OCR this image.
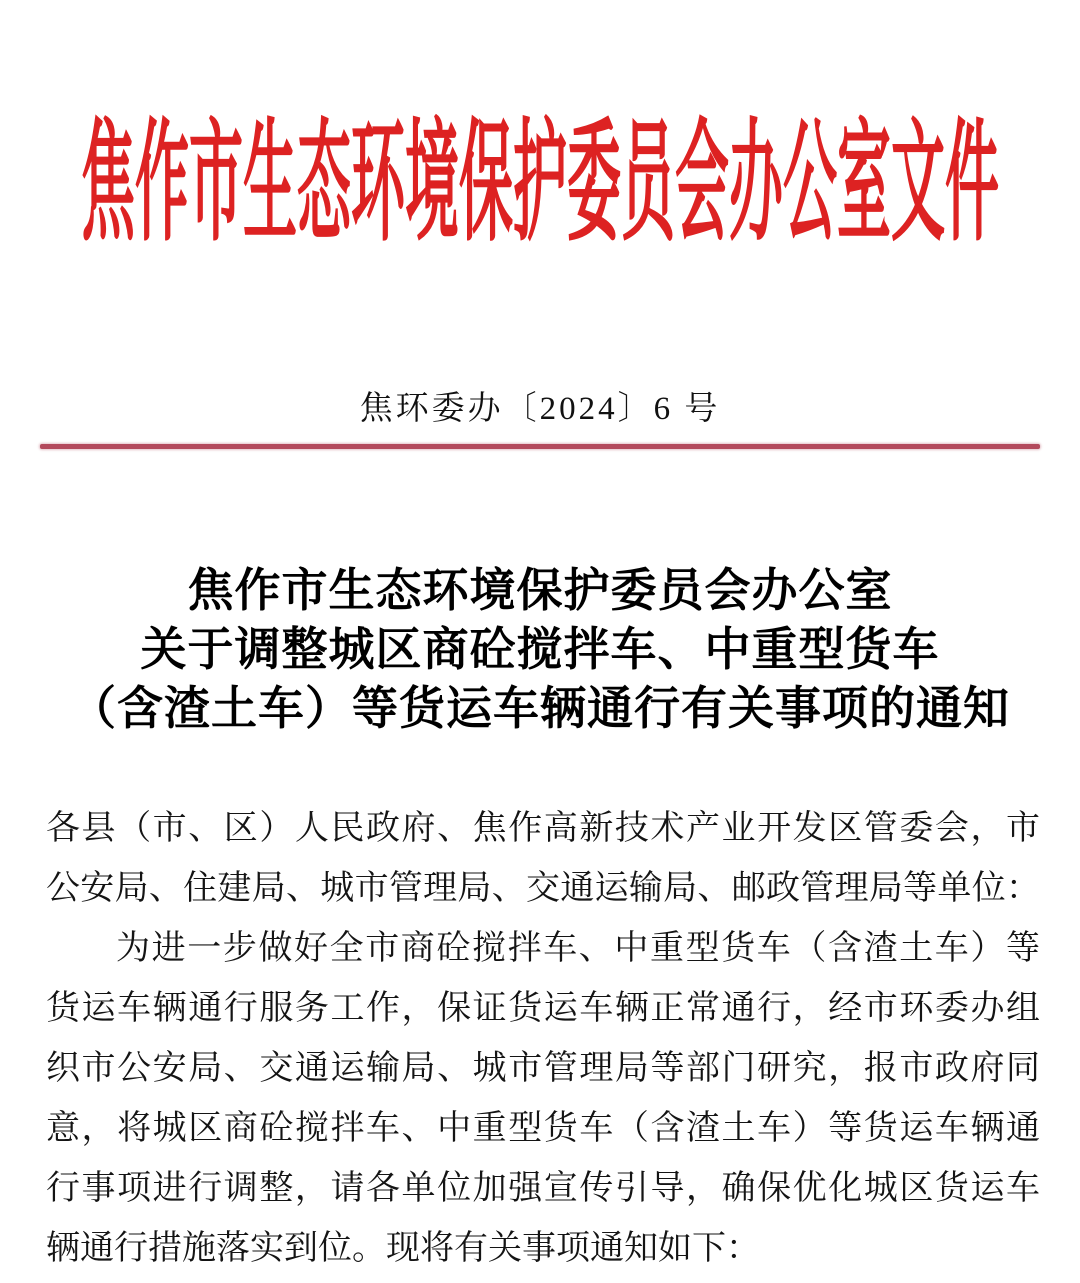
焦作市生态环境保护委员会办公室文件
焦环委办〔2024〕6 号
焦作市生态环境保护委员会办公室
关于调整城区商砼搅拌车、中重型货车
（含渣土车）等货运车辆通行有关事项的通知
各县（市、区）人民政府、焦作高新技术产业开发区管委会，市
公安局、住建局、城市管理局、交通运输局、邮政管理局等单位：
为进一步做好全市商砼搅拌车、中重型货车（含渣土车）等
货运车辆通行服务工作，保证货运车辆正常通行，经市环委办组
织市公安局、交通运输局、城市管理局等部门研究，报市政府同
意，将城区商砼搅拌车、中重型货车（含渣土车）等货运车辆通
行事项进行调整，请各单位加强宣传引导，确保优化城区货运车
辆通行措施落实到位。现将有关事项通知如下：
